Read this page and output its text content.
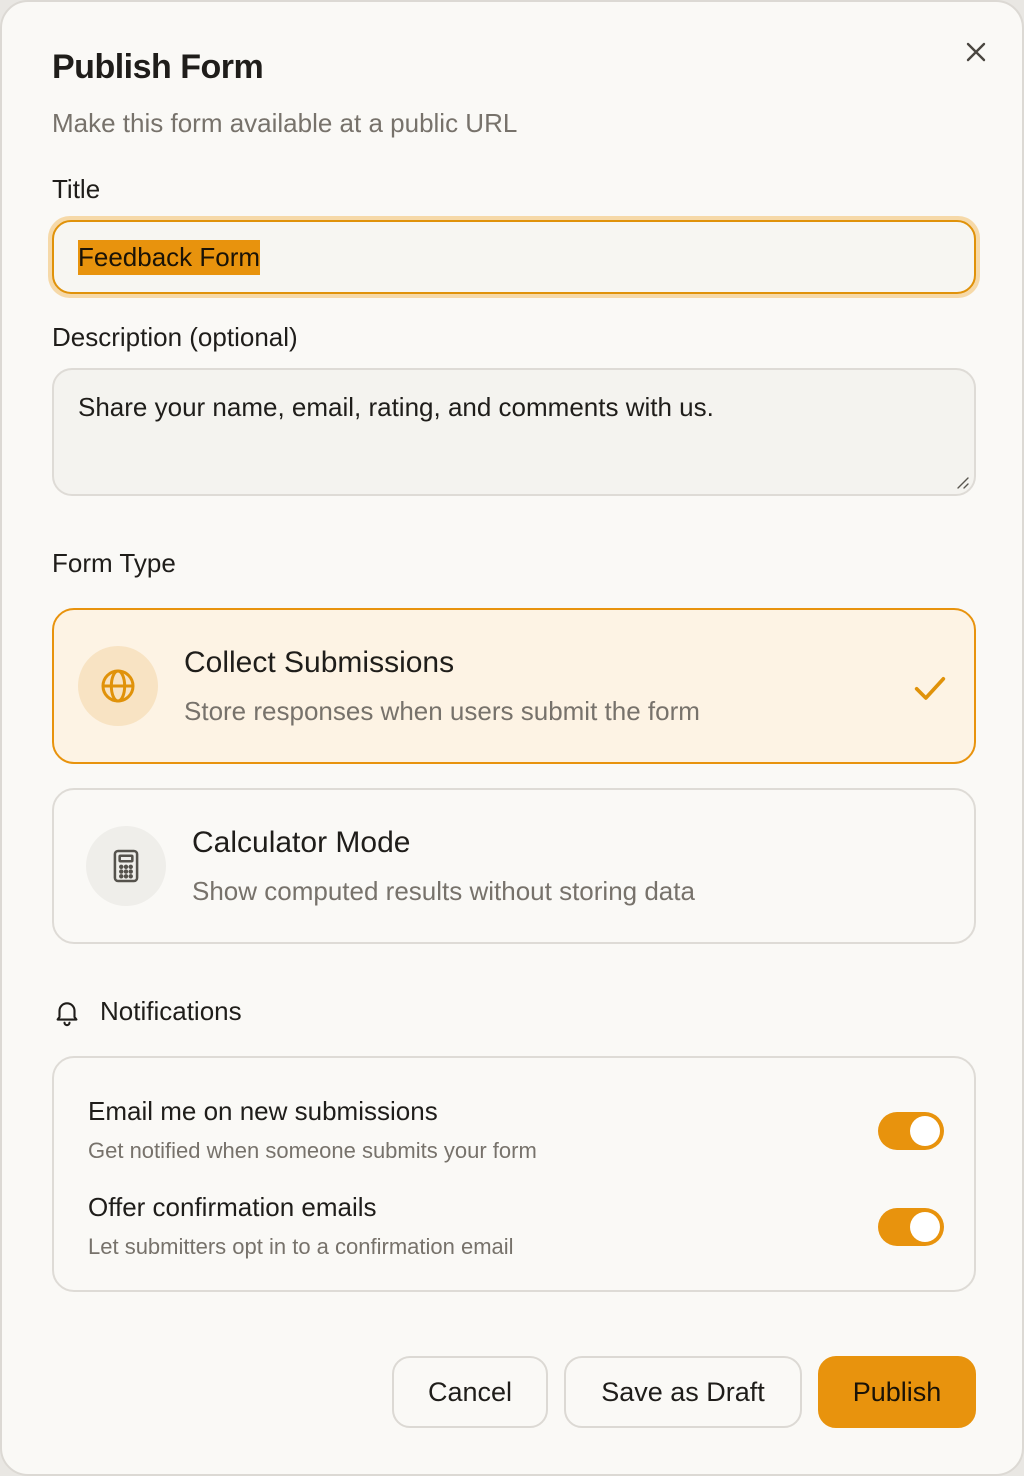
Publish Form
Make this form available at a public URL
Title
Feedback Form
Description (optional)
Share your name, email, rating, and comments with us.
Form Type
Collect Submissions
Store responses when users submit the form
Calculator Mode
Show computed results without storing data
Notifications
Email me on new submissions
Get notified when someone submits your form
Offer confirmation emails
Let submitters opt in to a confirmation email
Cancel	Save as Draft	Publish
